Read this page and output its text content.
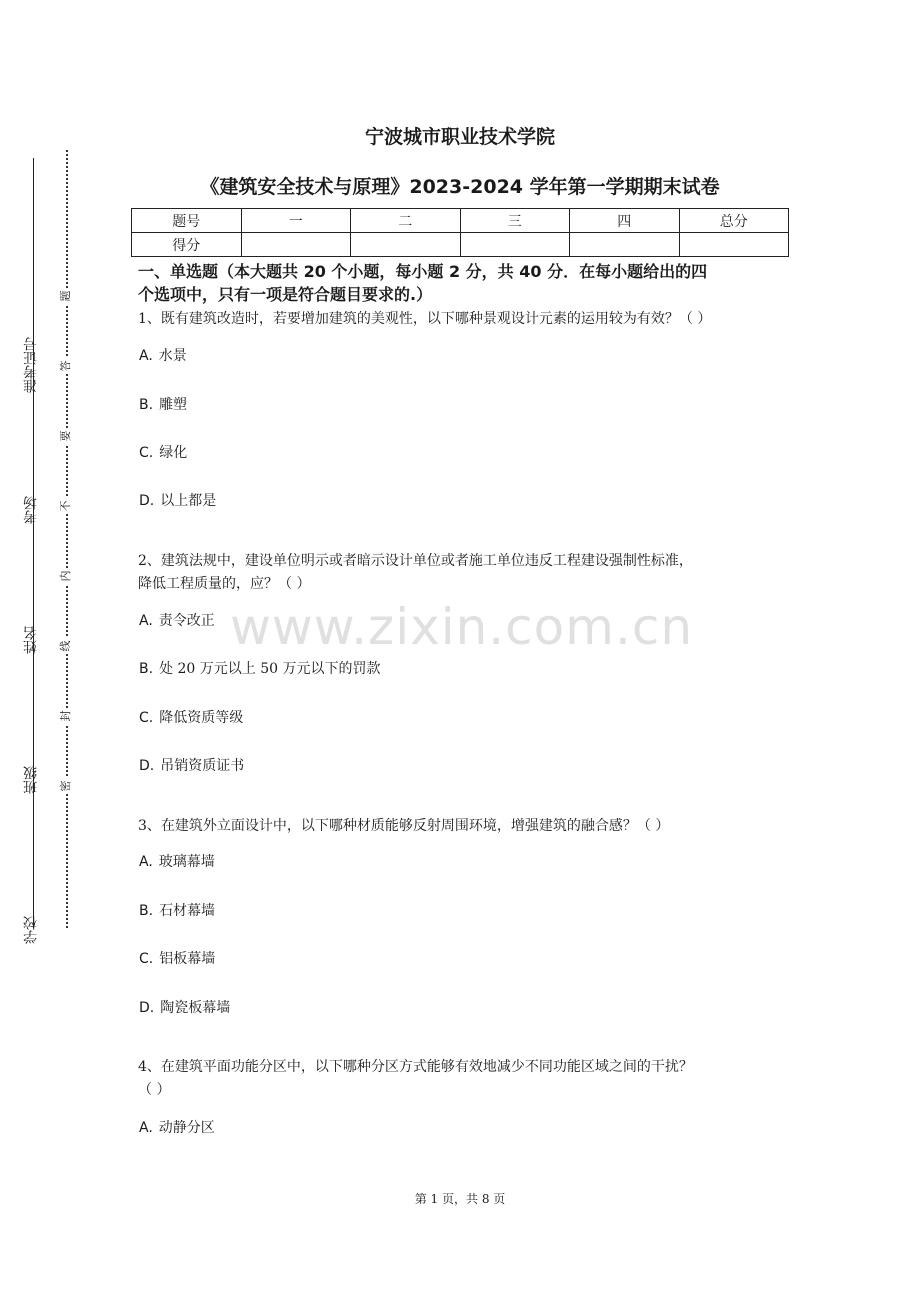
准考证号
考场
姓名
班级
学校
题
答
要
不
内
线
封
密
宁波城市职业技术学院
《建筑安全技术与原理》2023-2024 学年第一学期期末试卷
题号	一	二	三	四	总分
得分					
一、单选题（本大题共 20 个小题，每小题 2 分，共 40 分．在每小题给出的四
个选项中，只有一项是符合题目要求的.）
1、既有建筑改造时，若要增加建筑的美观性，以下哪种景观设计元素的运用较为有效？（ ）
A. 水景
B. 雕塑
C. 绿化
D. 以上都是
2、建筑法规中，建设单位明示或者暗示设计单位或者施工单位违反工程建设强制性标准，
降低工程质量的，应？（ ）
A. 责令改正
B. 处 20 万元以上 50 万元以下的罚款
C. 降低资质等级
D. 吊销资质证书
3、在建筑外立面设计中，以下哪种材质能够反射周围环境，增强建筑的融合感？（ ）
A. 玻璃幕墙
B. 石材幕墙
C. 铝板幕墙
D. 陶瓷板幕墙
4、在建筑平面功能分区中，以下哪种分区方式能够有效地减少不同功能区域之间的干扰？
（ ）
A. 动静分区
www.zixin.com.cn
第 1 页，共 8 页
